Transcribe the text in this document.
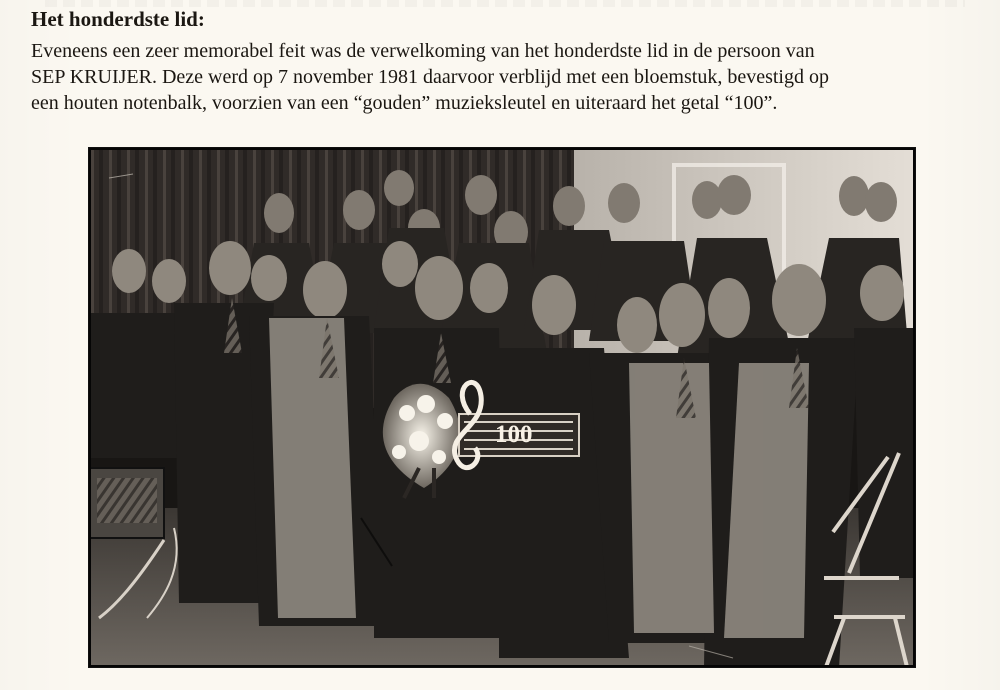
Het honderdste lid:

Eveneens een zeer memorabel feit was de verwelkoming van het honderdste lid in de persoon van
SEP KRUIJER. Deze werd op 7 november 1981 daarvoor verblijd met een bloemstuk, bevestigd op
een houten notenbalk, voorzien van een “gouden” muzieksleutel en uiteraard het getal “100”.

100
